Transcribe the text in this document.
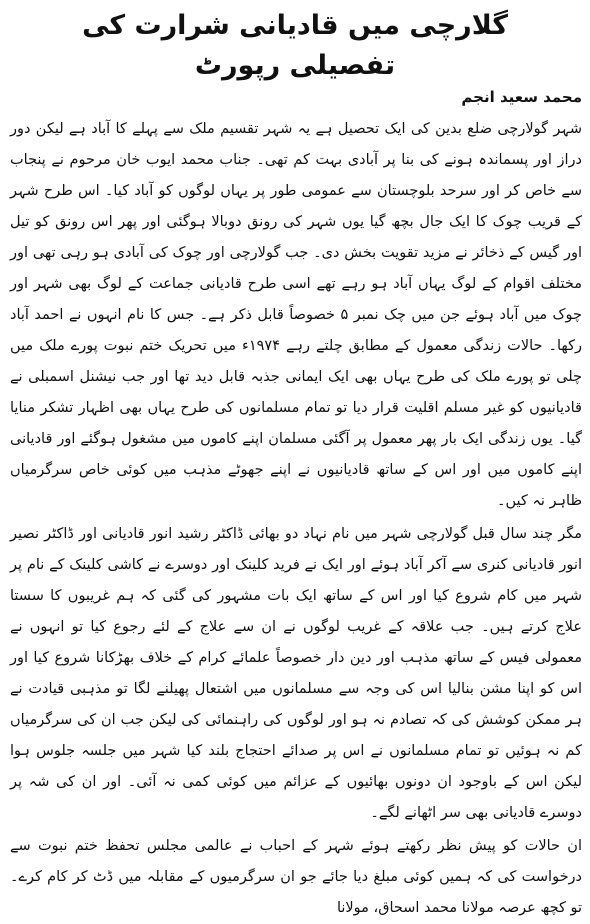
گلارچی میں قادیانی شرارت کی تفصیلی رپورٹ
محمد سعید انجم

شہر گولارچی ضلع بدین کی ایک تحصیل ہے یہ شہر تقسیم ملک سے پہلے کا آباد ہے لیکن دور دراز اور پسماندہ ہونے کی بنا پر آبادی بہت کم تھی۔ جناب محمد ایوب خان مرحوم نے پنجاب سے خاص کر اور سرحد بلوچستان سے عمومی طور پر یہاں لوگوں کو آباد کیا۔ اس طرح شہر کے قریب چوک کا ایک جال بچھ گیا یوں شہر کی رونق دوبالا ہوگئی اور پھر اس رونق کو تیل اور گیس کے ذخائر نے مزید تقویت بخش دی۔ جب گولارچی اور چوک کی آبادی ہو رہی تھی اور مختلف اقوام کے لوگ یہاں آباد ہو رہے تھے اسی طرح قادیانی جماعت کے لوگ بھی شہر اور چوک میں آباد ہوئے جن میں چک نمبر ۵ خصوصاً قابل ذکر ہے۔ جس کا نام انہوں نے احمد آباد رکھا۔ حالات زندگی معمول کے مطابق چلتے رہے ۱۹۷۴ء میں تحریک ختم نبوت پورے ملک میں چلی تو پورے ملک کی طرح یہاں بھی ایک ایمانی جذبہ قابل دید تھا اور جب نیشنل اسمبلی نے قادیانیوں کو غیر مسلم اقلیت قرار دیا تو تمام مسلمانوں کی طرح یہاں بھی اظہار تشکر منایا گیا۔ یوں زندگی ایک بار پھر معمول پر آگئی مسلمان اپنے کاموں میں مشغول ہوگئے اور قادیانی اپنے کاموں میں اور اس کے ساتھ قادیانیوں نے اپنے جھوٹے مذہب میں کوئی خاص سرگرمیاں ظاہر نہ کیں۔

مگر چند سال قبل گولارچی شہر میں نام نہاد دو بھائی ڈاکٹر رشید انور قادیانی اور ڈاکٹر نصیر انور قادیانی کنری سے آکر آباد ہوئے اور ایک نے فرید کلینک اور دوسرے نے کاشی کلینک کے نام پر شہر میں کام شروع کیا اور اس کے ساتھ ایک بات مشہور کی گئی کہ ہم غریبوں کا سستا علاج کرتے ہیں۔ جب علاقہ کے غریب لوگوں نے ان سے علاج کے لئے رجوع کیا تو انہوں نے معمولی فیس کے ساتھ مذہب اور دین دار خصوصاً علمائے کرام کے خلاف بھڑکانا شروع کیا اور اس کو اپنا مشن بنالیا اس کی وجہ سے مسلمانوں میں اشتعال پھیلنے لگا تو مذہبی قیادت نے ہر ممکن کوشش کی کہ تصادم نہ ہو اور لوگوں کی راہنمائی کی لیکن جب ان کی سرگرمیاں کم نہ ہوئیں تو تمام مسلمانوں نے اس پر صدائے احتجاج بلند کیا شہر میں جلسہ جلوس ہوا لیکن اس کے باوجود ان دونوں بھائیوں کے عزائم میں کوئی کمی نہ آئی۔ اور ان کی شہ پر دوسرے قادیانی بھی سر اٹھانے لگے۔

ان حالات کو پیش نظر رکھتے ہوئے شہر کے احباب نے عالمی مجلس تحفظ ختم نبوت سے درخواست کی کہ ہمیں کوئی مبلغ دیا جائے جو ان سرگرمیوں کے مقابلہ میں ڈٹ کر کام کرے۔ تو کچھ عرصہ مولانا محمد اسحاق، مولانا
